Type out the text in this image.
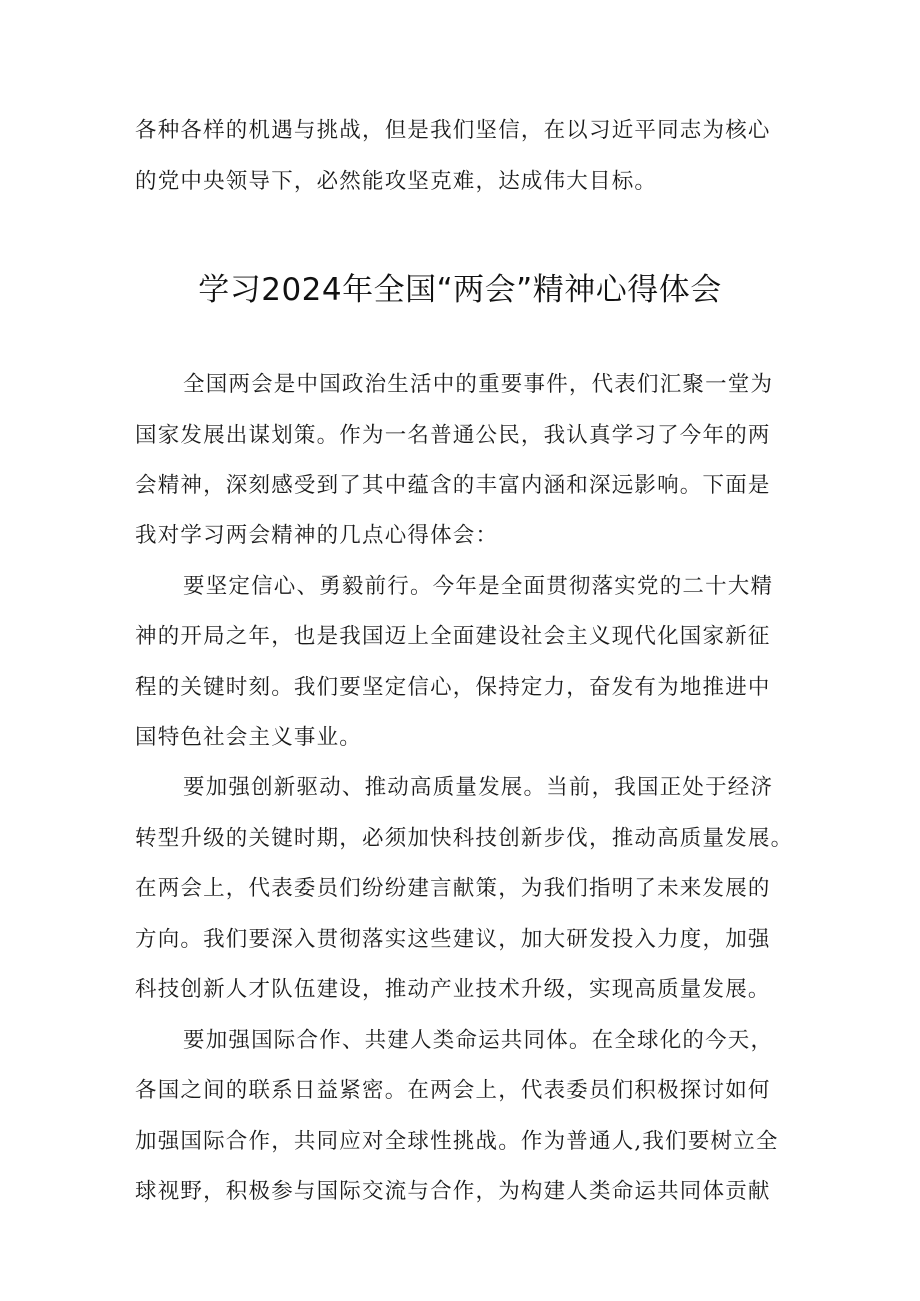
各种各样的机遇与挑战，但是我们坚信，在以习近平同志为核心
的党中央领导下，必然能攻坚克难，达成伟大目标。
学习2024年全国“两会”精神心得体会
全国两会是中国政治生活中的重要事件，代表们汇聚一堂为
国家发展出谋划策。作为一名普通公民，我认真学习了今年的两
会精神，深刻感受到了其中蕴含的丰富内涵和深远影响。下面是
我对学习两会精神的几点心得体会：
要坚定信心、勇毅前行。今年是全面贯彻落实党的二十大精
神的开局之年，也是我国迈上全面建设社会主义现代化国家新征
程的关键时刻。我们要坚定信心，保持定力，奋发有为地推进中
国特色社会主义事业。
要加强创新驱动、推动高质量发展。当前，我国正处于经济
转型升级的关键时期，必须加快科技创新步伐，推动高质量发展。
在两会上，代表委员们纷纷建言献策，为我们指明了未来发展的
方向。我们要深入贯彻落实这些建议，加大研发投入力度，加强
科技创新人才队伍建设，推动产业技术升级，实现高质量发展。
要加强国际合作、共建人类命运共同体。在全球化的今天，
各国之间的联系日益紧密。在两会上，代表委员们积极探讨如何
加强国际合作，共同应对全球性挑战。作为普通人,我们要树立全
球视野，积极参与国际交流与合作，为构建人类命运共同体贡献
